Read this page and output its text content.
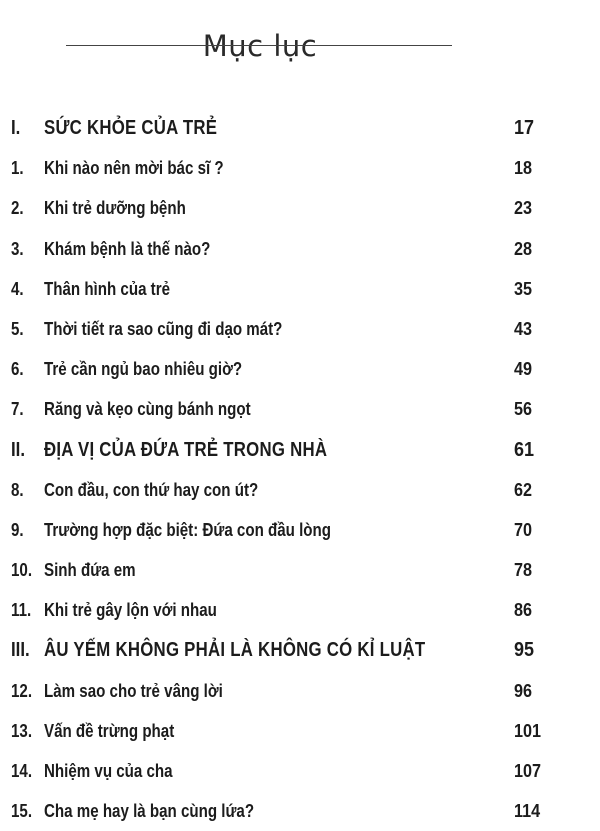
Mục lục
I. SỨC KHỎE CỦA TRẺ	17
1. Khi nào nên mời bác sĩ ?	18
2. Khi trẻ dưỡng bệnh	23
3. Khám bệnh là thế nào?	28
4. Thân hình của trẻ	35
5. Thời tiết ra sao cũng đi dạo mát?	43
6. Trẻ cần ngủ bao nhiêu giờ?	49
7. Răng và kẹo cùng bánh ngọt	56
II. ĐỊA VỊ CỦA ĐỨA TRẺ TRONG NHÀ	61
8. Con đầu, con thứ hay con út?	62
9. Trường hợp đặc biệt: Đứa con đầu lòng	70
10. Sinh đứa em	78
11. Khi trẻ gây lộn với nhau	86
III. ÂU YẾM KHÔNG PHẢI LÀ KHÔNG CÓ KỈ LUẬT	95
12. Làm sao cho trẻ vâng lời	96
13. Vấn đề trừng phạt	101
14. Nhiệm vụ của cha	107
15. Cha mẹ hay là bạn cùng lứa?	114
